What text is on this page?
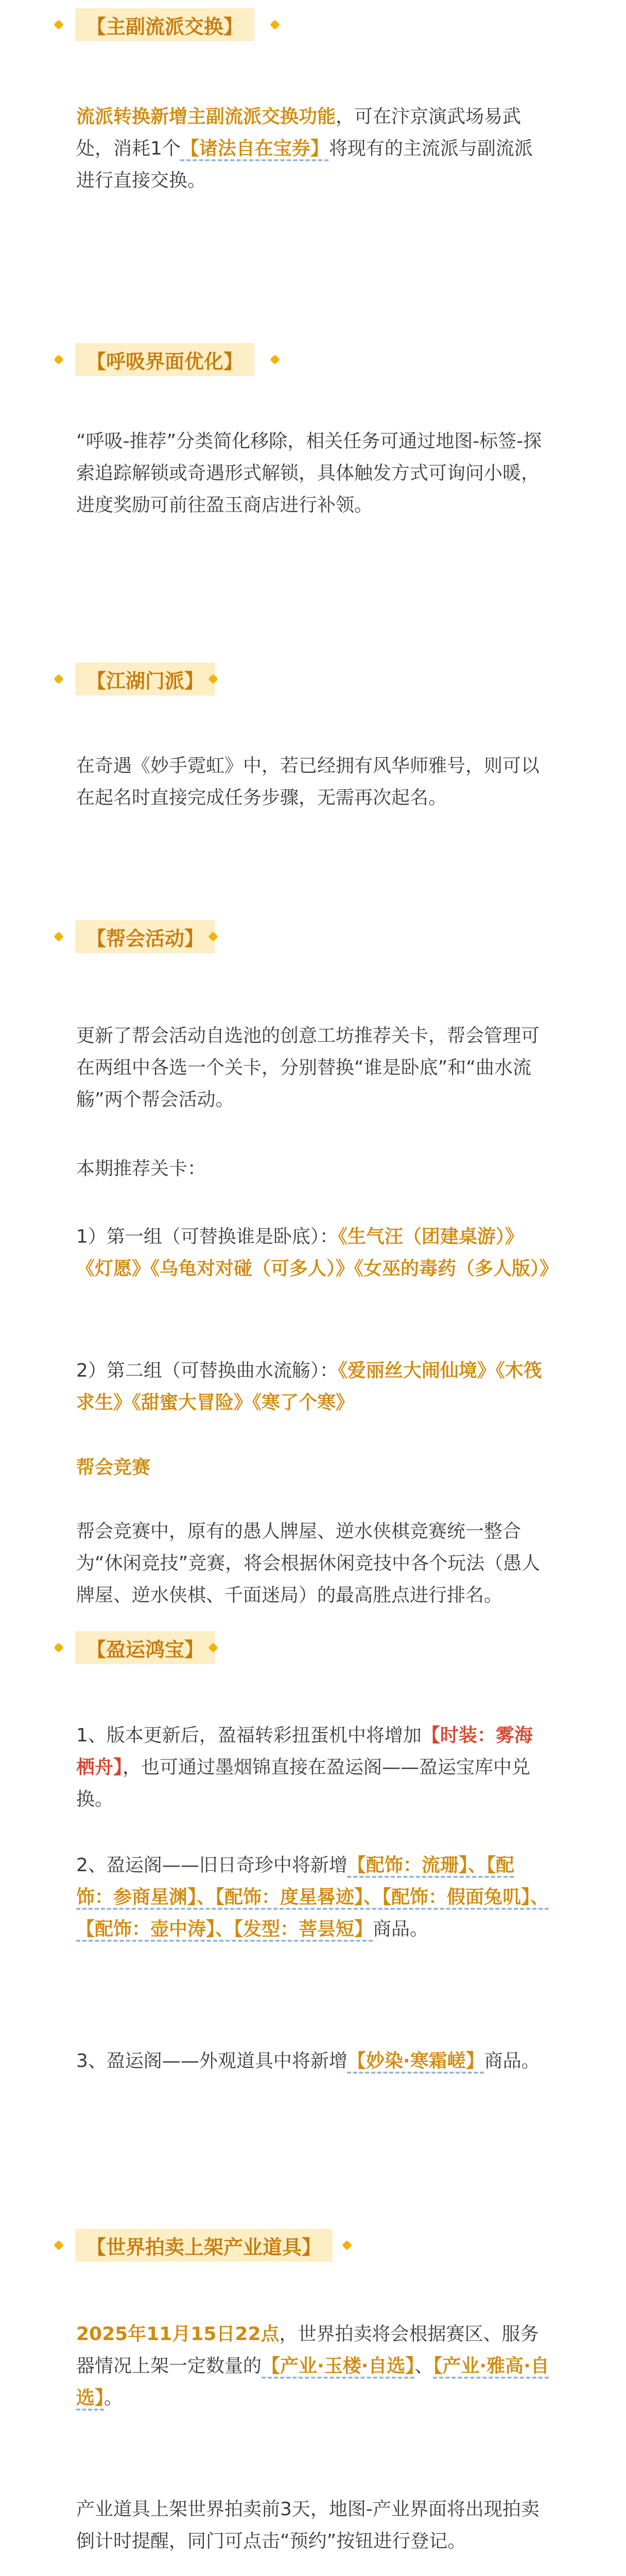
【主副流派交换】
流派转换新增主副流派交换功能，可在汴京演武场易武处，消耗1个【诸法自在宝券】将现有的主流派与副流派进行直接交换。
【呼吸界面优化】
“呼吸-推荐”分类简化移除，相关任务可通过地图-标签-探索追踪解锁或奇遇形式解锁，具体触发方式可询问小暖，进度奖励可前往盈玉商店进行补领。
【江湖门派】
在奇遇《妙手霓虹》中，若已经拥有风华师雅号，则可以在起名时直接完成任务步骤，无需再次起名。
【帮会活动】
更新了帮会活动自选池的创意工坊推荐关卡，帮会管理可在两组中各选一个关卡，分别替换“谁是卧底”和“曲水流觞”两个帮会活动。
本期推荐关卡：
1）第一组（可替换谁是卧底）：《生气汪（团建桌游）》《灯愿》《乌龟对对碰（可多人）》《女巫的毒药（多人版）》
2）第二组（可替换曲水流觞）：《爱丽丝大闹仙境》《木筏求生》《甜蜜大冒险》《寒了个寒》
帮会竞赛
帮会竞赛中，原有的愚人牌屋、逆水侠棋竞赛统一整合为“休闲竞技”竞赛，将会根据休闲竞技中各个玩法（愚人牌屋、逆水侠棋、千面迷局）的最高胜点进行排名。
【盈运鸿宝】
1、版本更新后，盈福转彩扭蛋机中将增加【时装：雾海栖舟】，也可通过墨烟锦直接在盈运阁——盈运宝库中兑换。
2、盈运阁——旧日奇珍中将新增【配饰：流珊】、【配饰：参商星渊】、【配饰：度星晷迹】、【配饰：假面兔叽】、【配饰：壶中涛】、【发型：菩昙短】商品。
3、盈运阁——外观道具中将新增【妙染·寒霜嵯】商品。
【世界拍卖上架产业道具】
2025年11月15日22点，世界拍卖将会根据赛区、服务器情况上架一定数量的【产业·玉楼·自选】、【产业·雅高·自选】。
产业道具上架世界拍卖前3天，地图-产业界面将出现拍卖倒计时提醒，同门可点击“预约”按钮进行登记。
